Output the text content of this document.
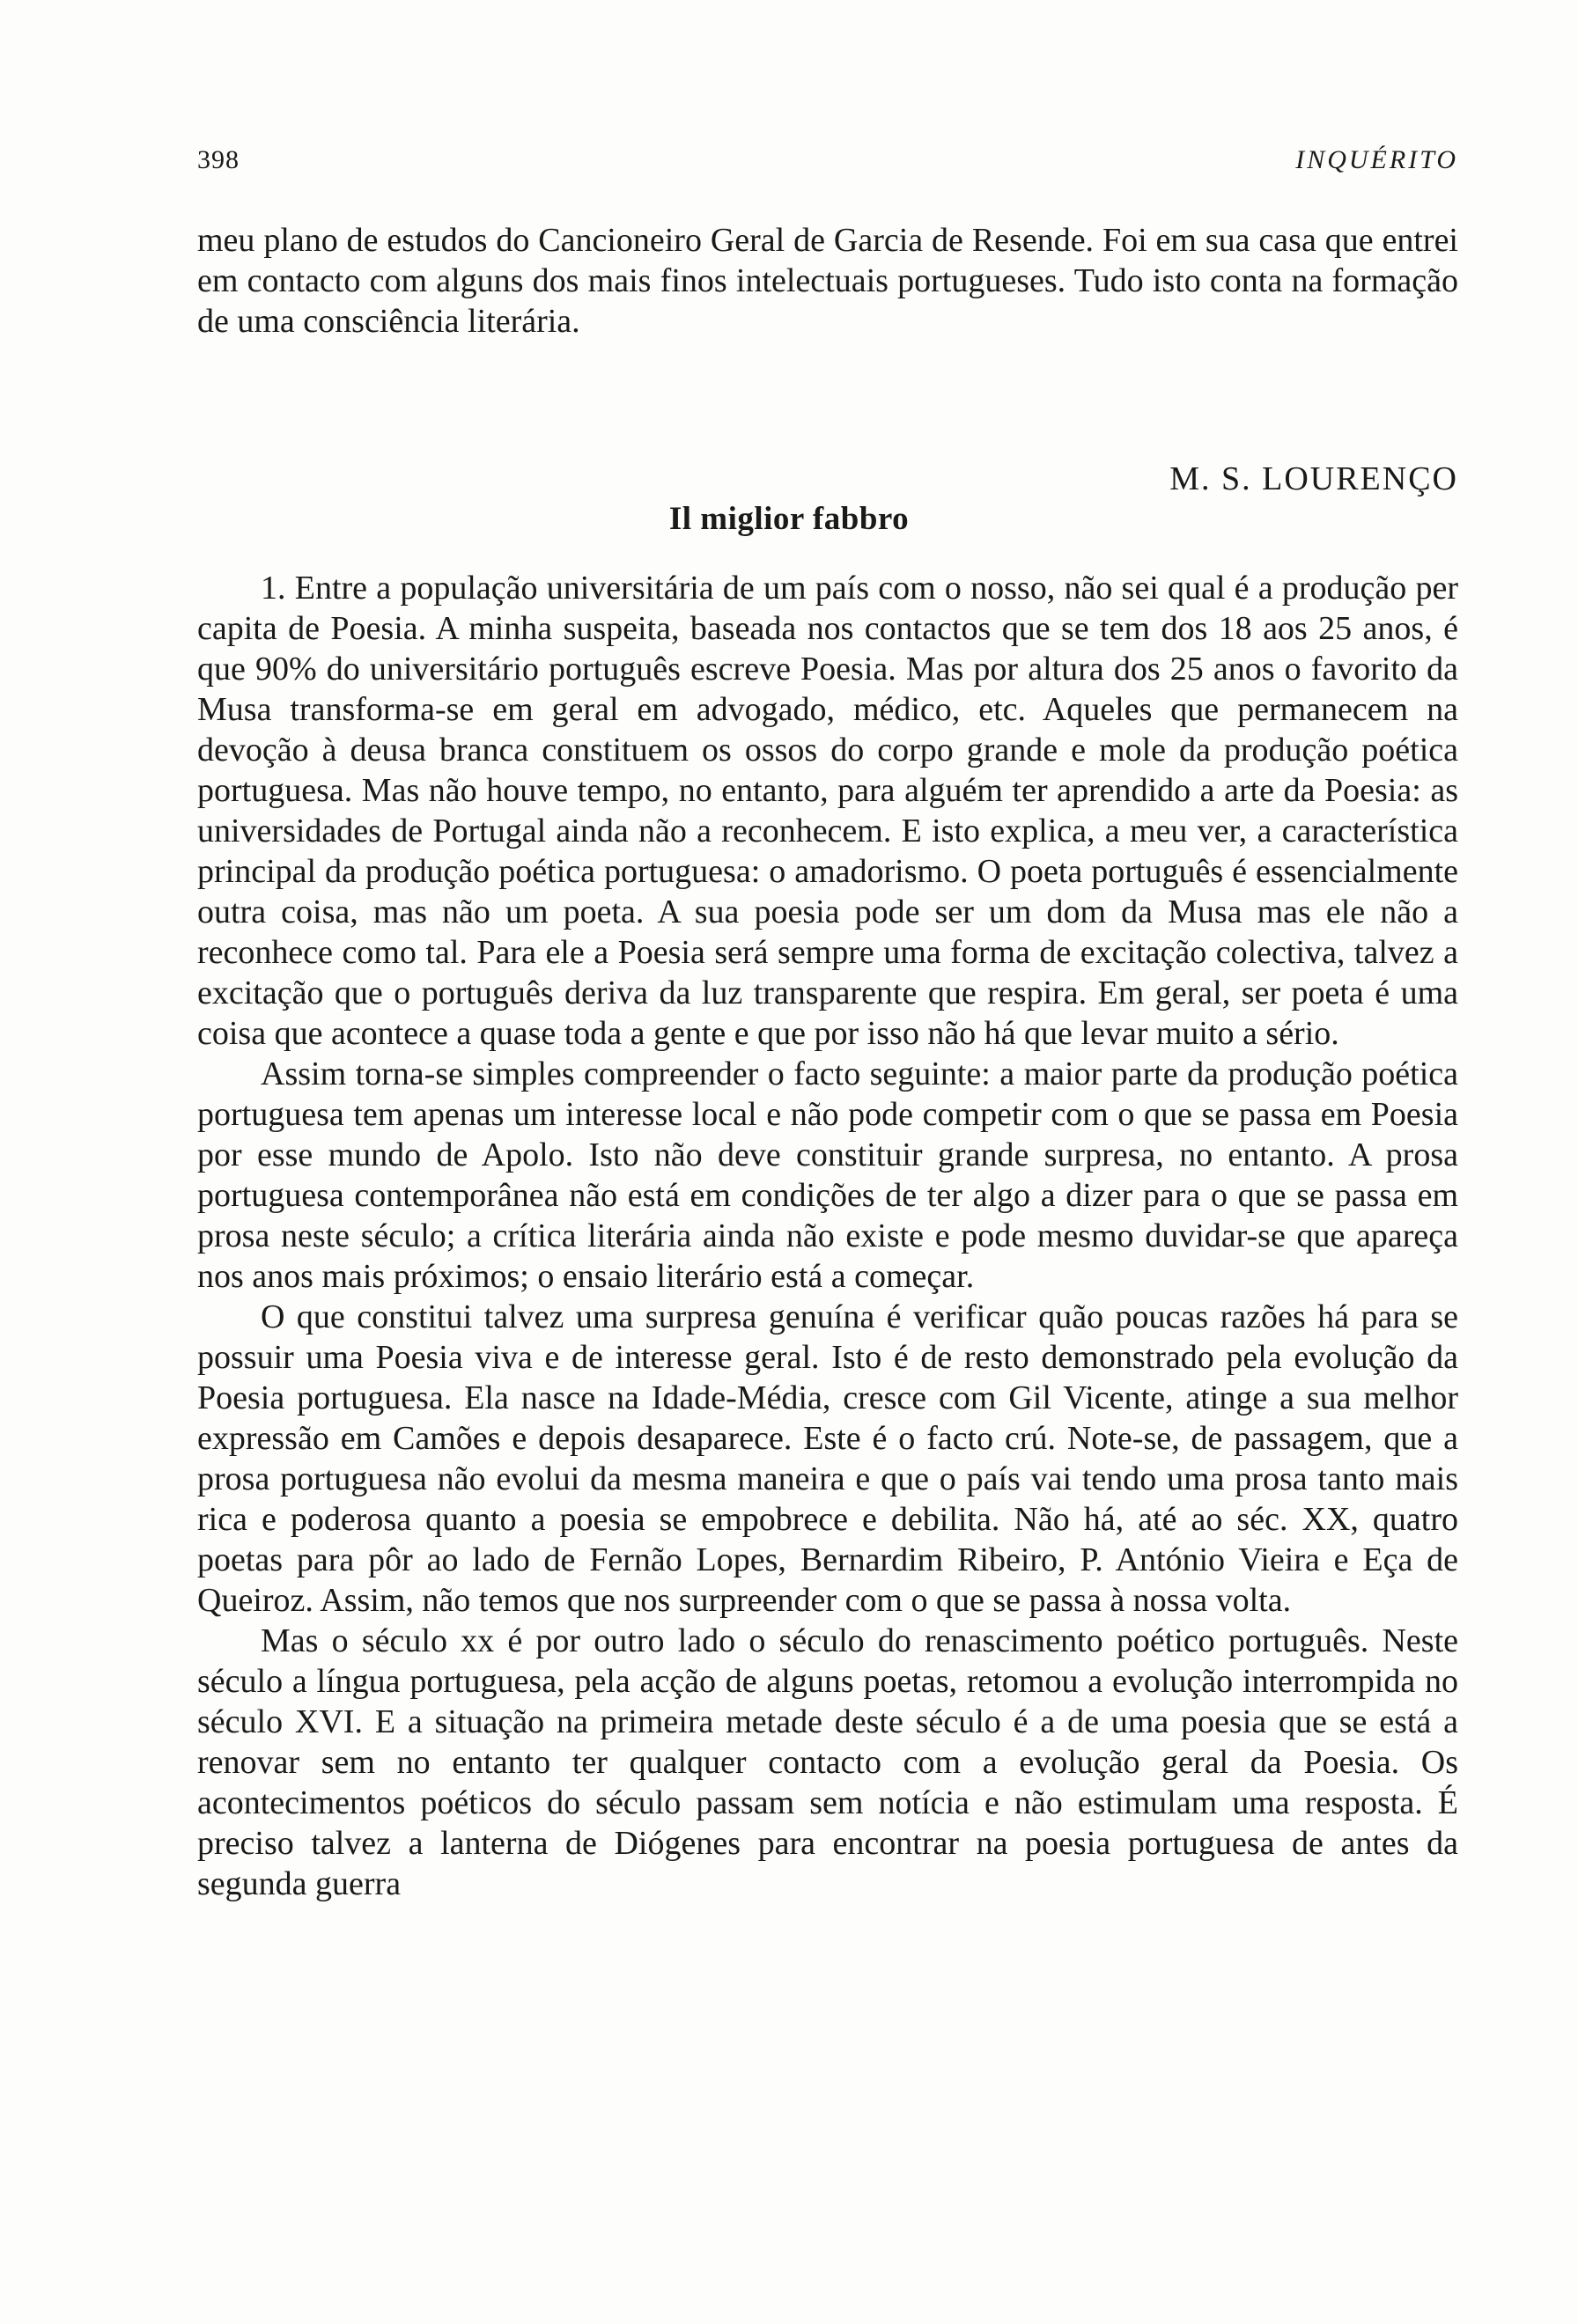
398	INQUÉRITO

meu plano de estudos do Cancioneiro Geral de Garcia de Resende. Foi em sua casa que entrei em contacto com alguns dos mais finos intelectuais portugueses. Tudo isto conta na formação de uma consciência literária.

M. S. LOURENÇO
Il miglior fabbro

1. Entre a população universitária de um país com o nosso, não sei qual é a produção per capita de Poesia. A minha suspeita, baseada nos contactos que se tem dos 18 aos 25 anos, é que 90% do universitário português escreve Poesia. Mas por altura dos 25 anos o favorito da Musa transforma-se em geral em advogado, médico, etc. Aqueles que permanecem na devoção à deusa branca constituem os ossos do corpo grande e mole da produção poética portuguesa. Mas não houve tempo, no entanto, para alguém ter aprendido a arte da Poesia: as universidades de Portugal ainda não a reconhecem. E isto explica, a meu ver, a característica principal da produção poética portuguesa: o amadorismo. O poeta português é essencialmente outra coisa, mas não um poeta. A sua poesia pode ser um dom da Musa mas ele não a reconhece como tal. Para ele a Poesia será sempre uma forma de excitação colectiva, talvez a excitação que o português deriva da luz transparente que respira. Em geral, ser poeta é uma coisa que acontece a quase toda a gente e que por isso não há que levar muito a sério.

Assim torna-se simples compreender o facto seguinte: a maior parte da produção poética portuguesa tem apenas um interesse local e não pode competir com o que se passa em Poesia por esse mundo de Apolo. Isto não deve constituir grande surpresa, no entanto. A prosa portuguesa contemporânea não está em condições de ter algo a dizer para o que se passa em prosa neste século; a crítica literária ainda não existe e pode mesmo duvidar-se que apareça nos anos mais próximos; o ensaio literário está a começar.

O que constitui talvez uma surpresa genuína é verificar quão poucas razões há para se possuir uma Poesia viva e de interesse geral. Isto é de resto demonstrado pela evolução da Poesia portuguesa. Ela nasce na Idade-Média, cresce com Gil Vicente, atinge a sua melhor expressão em Camões e depois desaparece. Este é o facto crú. Note-se, de passagem, que a prosa portuguesa não evolui da mesma maneira e que o país vai tendo uma prosa tanto mais rica e poderosa quanto a poesia se empobrece e debilita. Não há, até ao séc. XX, quatro poetas para pôr ao lado de Fernão Lopes, Bernardim Ribeiro, P. António Vieira e Eça de Queiroz. Assim, não temos que nos surpreender com o que se passa à nossa volta.

Mas o século xx é por outro lado o século do renascimento poético português. Neste século a língua portuguesa, pela acção de alguns poetas, retomou a evolução interrompida no século XVI. E a situação na primeira metade deste século é a de uma poesia que se está a renovar sem no entanto ter qualquer contacto com a evolução geral da Poesia. Os acontecimentos poéticos do século passam sem notícia e não estimulam uma resposta. É preciso talvez a lanterna de Diógenes para encontrar na poesia portuguesa de antes da segunda guerra
